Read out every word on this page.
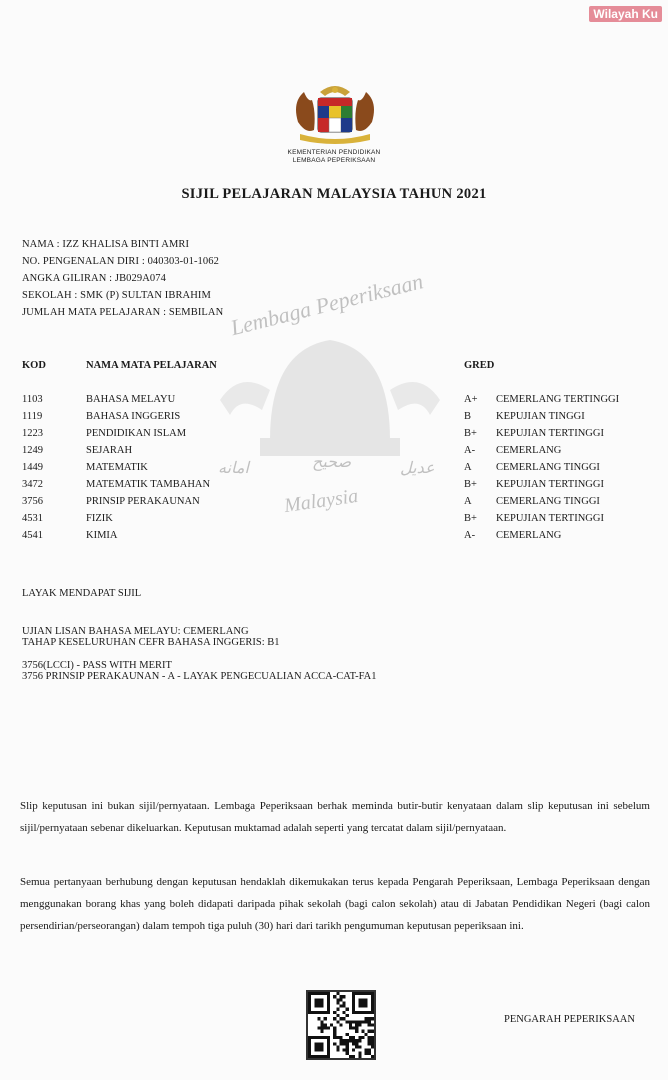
Wilayah Ku
KEMENTERIAN PENDIDIKAN
LEMBAGA PEPERIKSAAN
SIJIL PELAJARAN MALAYSIA TAHUN 2021
NAMA : IZZ KHALISA BINTI AMRI
NO. PENGENALAN DIRI : 040303-01-1062
ANGKA GILIRAN : JB029A074
SEKOLAH : SMK (P) SULTAN IBRAHIM
JUMLAH MATA PELAJARAN : SEMBILAN Lembaga Peperiksaan
Malaysia
امانه	صحيح	عديل
KOD	NAMA MATA PELAJARAN	GRED
1103	BAHASA MELAYU	A+ CEMERLANG TERTINGGI
1119	BAHASA INGGERIS	B KEPUJIAN TINGGI
1223	PENDIDIKAN ISLAM	B+ KEPUJIAN TERTINGGI
1249	SEJARAH	A- CEMERLANG
1449	MATEMATIK	A CEMERLANG TINGGI
3472	MATEMATIK TAMBAHAN	B+ KEPUJIAN TERTINGGI
3756	PRINSIP PERAKAUNAN	A CEMERLANG TINGGI
4531	FIZIK	B+ KEPUJIAN TERTINGGI
4541	KIMIA	A- CEMERLANG
LAYAK MENDAPAT SIJIL
UJIAN LISAN BAHASA MELAYU: CEMERLANG
TAHAP KESELURUHAN CEFR BAHASA INGGERIS: B1
3756(LCCI) - PASS WITH MERIT
3756 PRINSIP PERAKAUNAN - A - LAYAK PENGECUALIAN ACCA-CAT-FA1
Slip keputusan ini bukan sijil/pernyataan. Lembaga Peperiksaan berhak meminda butir-butir kenyataan dalam slip keputusan ini sebelum sijil/pernyataan sebenar dikeluarkan. Keputusan muktamad adalah seperti yang tercatat dalam sijil/pernyataan.
Semua pertanyaan berhubung dengan keputusan hendaklah dikemukakan terus kepada Pengarah Peperiksaan, Lembaga Peperiksaan dengan menggunakan borang khas yang boleh didapati daripada pihak sekolah (bagi calon sekolah) atau di Jabatan Pendidikan Negeri (bagi calon persendirian/perseorangan) dalam tempoh tiga puluh (30) hari dari tarikh pengumuman keputusan peperiksaan ini.
PENGARAH PEPERIKSAAN
